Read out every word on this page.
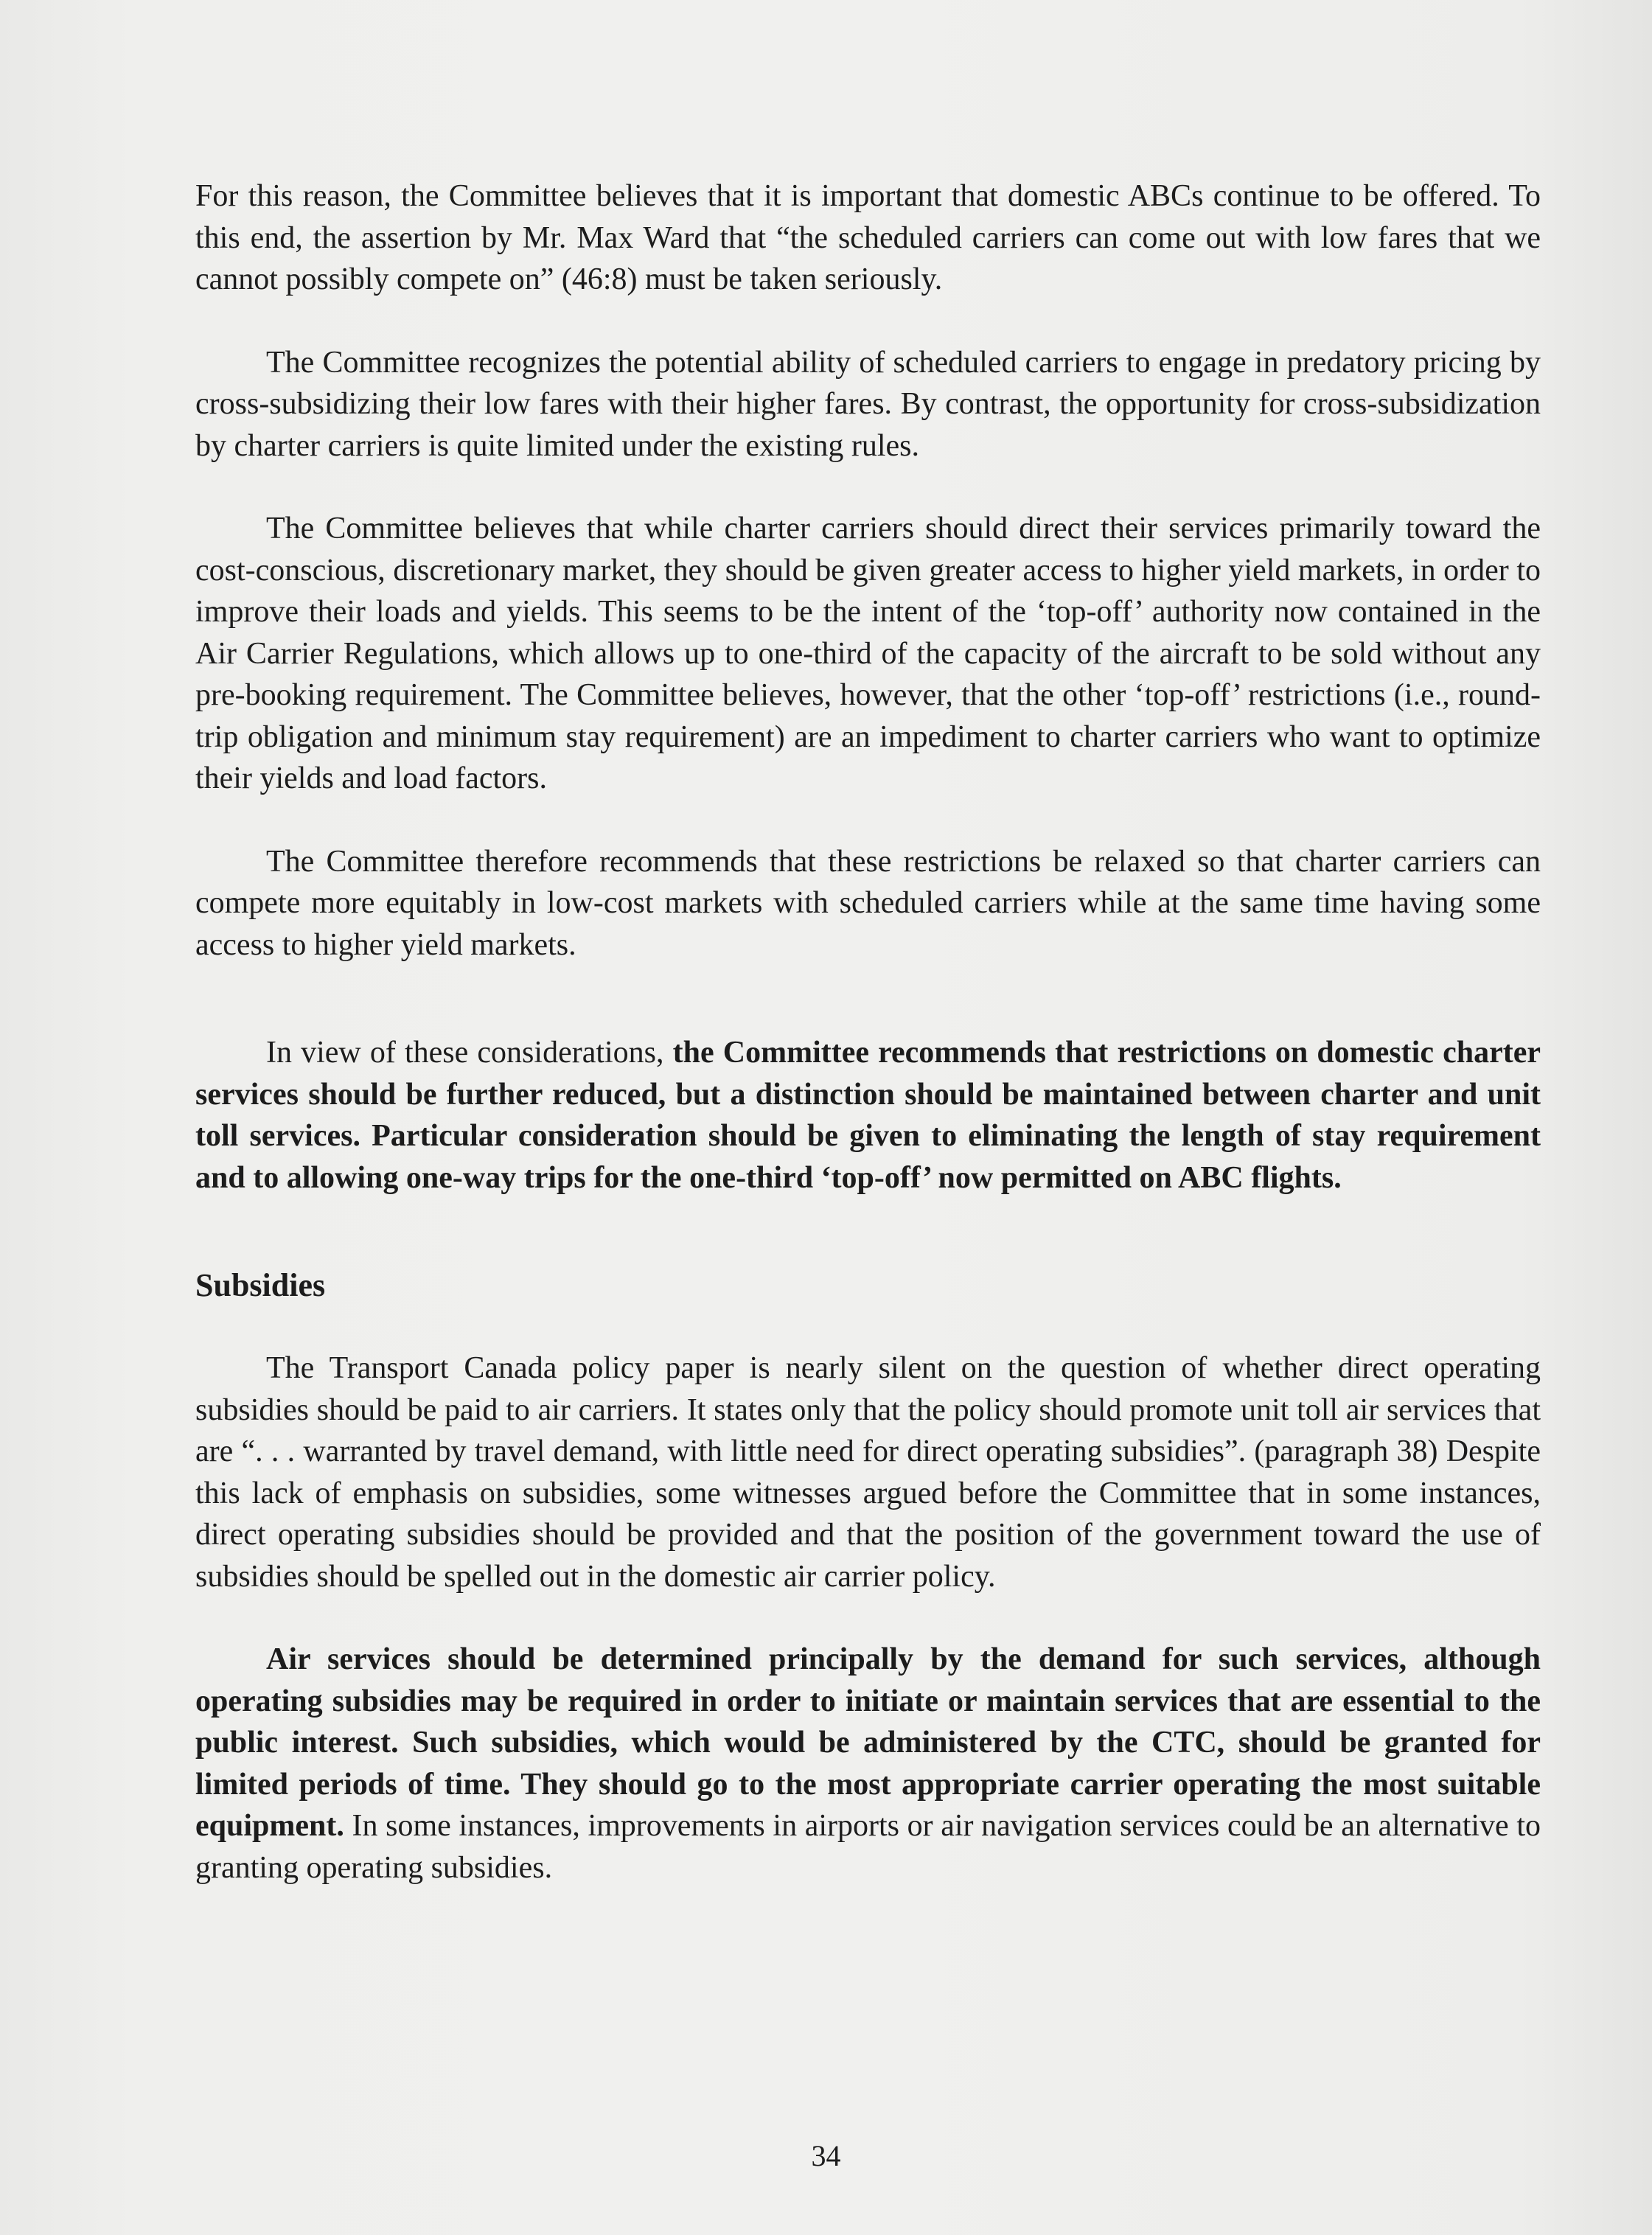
For this reason, the Committee believes that it is important that domestic ABCs continue to be offered. To this end, the assertion by Mr. Max Ward that “the scheduled carriers can come out with low fares that we cannot possibly compete on” (46:8) must be taken seriously.

The Committee recognizes the potential ability of scheduled carriers to engage in predatory pricing by cross-subsidizing their low fares with their higher fares. By contrast, the opportunity for cross-subsidization by charter carriers is quite limited under the existing rules.

The Committee believes that while charter carriers should direct their services primarily toward the cost-conscious, discretionary market, they should be given greater access to higher yield markets, in order to improve their loads and yields. This seems to be the intent of the ‘top-off’ authority now contained in the Air Carrier Regulations, which allows up to one-third of the capacity of the aircraft to be sold without any pre-booking requirement. The Committee believes, however, that the other ‘top-off’ restrictions (i.e., round-trip obligation and minimum stay requirement) are an impediment to charter carriers who want to optimize their yields and load factors.

The Committee therefore recommends that these restrictions be relaxed so that charter carriers can compete more equitably in low-cost markets with scheduled carriers while at the same time having some access to higher yield markets.

In view of these considerations, the Committee recommends that restrictions on domestic charter services should be further reduced, but a distinction should be maintained between charter and unit toll services. Particular consideration should be given to eliminating the length of stay requirement and to allowing one-way trips for the one-third ‘top-off’ now permitted on ABC flights.

Subsidies

The Transport Canada policy paper is nearly silent on the question of whether direct operating subsidies should be paid to air carriers. It states only that the policy should promote unit toll air services that are “. . . warranted by travel demand, with little need for direct operating subsidies”. (paragraph 38) Despite this lack of emphasis on subsidies, some witnesses argued before the Committee that in some instances, direct operating subsidies should be provided and that the position of the government toward the use of subsidies should be spelled out in the domestic air carrier policy.

Air services should be determined principally by the demand for such services, although operating subsidies may be required in order to initiate or maintain services that are essential to the public interest. Such subsidies, which would be administered by the CTC, should be granted for limited periods of time. They should go to the most appropriate carrier operating the most suitable equipment. In some instances, improvements in airports or air navigation services could be an alternative to granting operating subsidies.

34
